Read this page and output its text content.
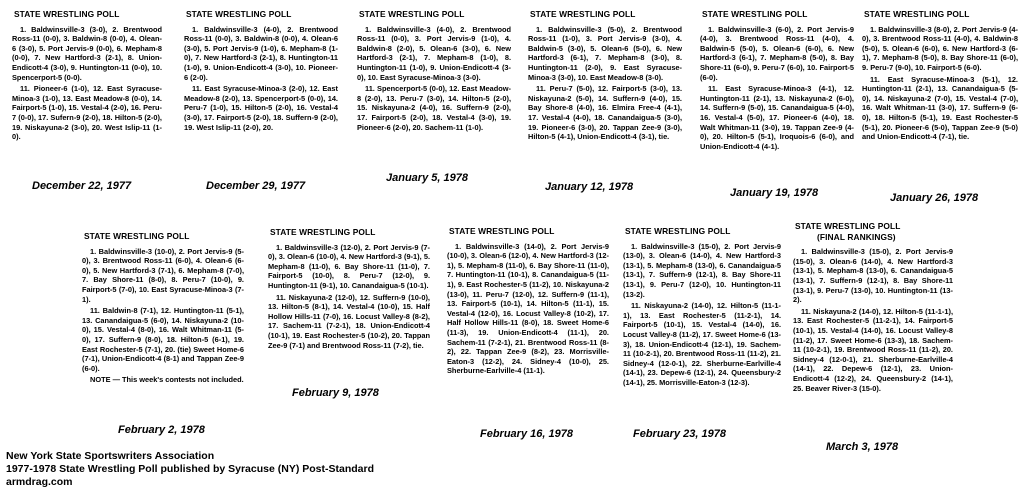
STATE WRESTLING POLL

1. Baldwinsville-3 (3-0), 2. Brentwood Ross-11 (0-0), 3. Baldwin-8 (0-0), 4. Olean-6 (3-0), 5. Port Jervis-9 (0-0), 6. Mepham-8 (0-0), 7. New Hartford-3 (2-1), 8. Union-Endicott-4 (3-0), 9. Huntington-11 (0-0), 10. Spencerport-5 (0-0).

11. Pioneer-6 (1-0), 12. East Syracuse-Minoa-3 (1-0), 13. East Meadow-8 (0-0), 14. Fairport-5 (1-0), 15. Vestal-4 (2-0), 16. Peru-7 (0-0), 17. Sufern-9 (2-0), 18. Hilton-5 (2-0), 19. Niskayuna-2 (3-0), 20. West Islip-11 (1-0).

December 22, 1977
STATE WRESTLING POLL

1. Baldwinsville-3 (4-0), 2. Brentwood Ross-11 (0-0), 3. Baldwin-8 (0-0), 4. Olean-6 (3-0), 5. Port Jervis-9 (1-0), 6. Mepham-8 (1-0), 7. New Hartford-3 (2-1), 8. Huntington-11 (1-0), 9. Union-Endicott-4 (3-0), 10. Pioneer-6 (2-0).

11. East Syracuse-Minoa-3 (2-0), 12. East Meadow-8 (2-0), 13. Spencerport-5 (0-0), 14. Peru-7 (1-0), 15. Hilton-5 (2-0), 16. Vestal-4 (3-0), 17. Fairport-5 (2-0), 18. Suffern-9 (2-0), 19. West Islip-11 (2-0), 20.

December 29, 1977
STATE WRESTLING POLL

1. Baldwinsville-3 (4-0), 2. Brentwood Ross-11 (0-0), 3. Port Jervis-9 (1-0), 4. Baldwin-8 (2-0), 5. Olean-6 (3-0), 6. New Hartford-3 (2-1), 7. Mepham-8 (1-0), 8. Huntington-11 (1-0), 9. Union-Endicott-4 (3-0), 10. East Syracuse-Minoa-3 (3-0).

11. Spencerport-5 (0-0), 12. East Meadow-8 (2-0), 13. Peru-7 (3-0), 14. Hilton-5 (2-0), 15. Niskayuna-2 (4-0), 16. Suffern-9 (2-0), 17. Fairport-5 (2-0), 18. Vestal-4 (3-0), 19. Pioneer-6 (2-0), 20. Sachem-11 (1-0).

January 5, 1978
STATE WRESTLING POLL

1. Baldwinsville-3 (5-0), 2. Brentwood Ross-11 (1-0), 3. Port Jervis-9 (3-0), 4. Baldwin-5 (3-0), 5. Olean-6 (5-0), 6. New Hartford-3 (6-1), 7. Mepham-8 (3-0), 8. Huntington-11 (2-0), 9. East Syracuse-Minoa-3 (3-0), 10. East Meadow-8 (3-0).

11. Peru-7 (5-0), 12. Fairport-5 (3-0), 13. Niskayuna-2 (5-0), 14. Suffern-9 (4-0), 15. Bay Shore-8 (4-0), 16. Elmira Free-4 (4-1), 17. Vestal-4 (4-0), 18. Canandaigua-5 (3-0), 19. Pioneer-6 (3-0), 20. Tappan Zee-9 (3-0), Hilton-5 (4-1), Union-Endicott-4 (3-1), tie.

January 12, 1978
STATE WRESTLING POLL

1. Baldwinsville-3 (6-0), 2. Port Jervis-9 (4-0), 3. Brentwood Ross-11 (4-0), 4. Baldwin-5 (5-0), 5. Olean-6 (6-0), 6. New Hartford-3 (6-1), 7. Mepham-8 (5-0), 8. Bay Shore-11 (6-0), 9. Peru-7 (6-0), 10. Fairport-5 (6-0).

11. East Syracuse-Minoa-3 (4-1), 12. Huntington-11 (2-1), 13. Niskayuna-2 (6-0), 14. Suffern-9 (5-0), 15. Canandaigua-5 (4-0), 16. Vestal-4 (5-0), 17. Pioneer-6 (4-0), 18. Walt Whitman-11 (3-0), 19. Tappan Zee-9 (4-0), 20. Hilton-5 (5-1), Iroquois-6 (6-0), and Union-Endicott-4 (4-1).

January 19, 1978
STATE WRESTLING POLL

1. Baldwinsville-3 (8-0), 2. Port Jervis-9 (4-0), 3. Brentwood Ross-11 (4-0), 4. Baldwin-8 (5-0), 5. Olean-6 (6-0), 6. New Hartford-3 (6-1), 7. Mepham-8 (5-0), 8. Bay Shore-11 (6-0), 9. Peru-7 (9-0), 10. Fairport-5 (6-0).

11. East Syracuse-Minoa-3 (5-1), 12. Huntington-11 (2-1), 13. Canandaigua-5 (5-0), 14. Niskayuna-2 (7-0), 15. Vestal-4 (7-0), 16. Walt Whitman-11 (3-0), 17. Suffern-9 (6-0), 18. Hilton-5 (5-1), 19. East Rochester-5 (5-1), 20. Pioneer-6 (5-0), Tappan Zee-9 (5-0) and Union-Endicott-4 (7-1), tie.

January 26, 1978
STATE WRESTLING POLL

1. Baldwinsville-3 (10-0), 2. Port Jervis-9 (5-0), 3. Brentwood Ross-11 (6-0), 4. Olean-6 (6-0), 5. New Hartford-3 (7-1), 6. Mepham-8 (7-0), 7. Bay Shore-11 (8-0), 8. Peru-7 (10-0), 9. Fairport-5 (7-0), 10. East Syracuse-Minoa-3 (7-1).

11. Baldwin-8 (7-1), 12. Huntington-11 (5-1), 13. Canandaigua-5 (6-0), 14. Niskayuna-2 (10-0), 15. Vestal-4 (8-0), 16. Walt Whitman-11 (5-0), 17. Suffern-9 (8-0), 18. Hilton-5 (6-1), 19. East Rochester-5 (7-1), 20. (tie) Sweet Home-6 (7-1), Union-Endicott-4 (8-1) and Tappan Zee-9 (6-0).

NOTE — This week's contests not included.

February 2, 1978
STATE WRESTLING POLL

1. Baldwinsville-3 (12-0), 2. Port Jervis-9 (7-0), 3. Olean-6 (10-0), 4. New Hartford-3 (9-1), 5. Mepham-8 (11-0), 6. Bay Shore-11 (11-0), 7. Fairport-5 (10-0), 8. Peru-7 (12-0), 9. Huntington-11 (9-1), 10. Canandaigua-5 (10-1).

11. Niskayuna-2 (12-0), 12. Suffern-9 (10-0), 13. Hilton-5 (8-1), 14. Vestal-4 (10-0), 15. Half Hollow Hills-11 (7-0), 16. Locust Valley-8 (8-2), 17. Sachem-11 (7-2-1), 18. Union-Endicott-4 (10-1), 19. East Rochester-5 (10-2), 20. Tappan Zee-9 (7-1) and Brentwood Ross-11 (7-2), tie.

February 9, 1978
STATE WRESTLING POLL

1. Baldwinsville-3 (14-0), 2. Port Jervis-9 (10-0), 3. Olean-6 (12-0), 4. New Hartford-3 (12-1), 5. Mepham-8 (11-0), 6. Bay Shore-11 (11-0), 7. Huntington-11 (10-1), 8. Canandaigua-5 (11-1), 9. East Rochester-5 (11-2), 10. Niskayuna-2 (13-0), 11. Peru-7 (12-0), 12. Suffern-9 (11-1), 13. Fairport-5 (10-1), 14. Hilton-5 (11-1), 15. Vestal-4 (12-0), 16. Locust Valley-8 (10-2), 17. Half Hollow Hills-11 (8-0), 18. Sweet Home-6 (11-3), 19. Union-Endicott-4 (11-1), 20. Sachem-11 (7-2-1), 21. Brentwood Ross-11 (8-2), 22. Tappan Zee-9 (8-2), 23. Morrisville-Eaton-3 (12-2), 24. Sidney-4 (10-0), 25. Sherburne-Earlville-4 (11-1).

February 16, 1978
STATE WRESTLING POLL

1. Baldwinsville-3 (15-0), 2. Port Jervis-9 (13-0), 3. Olean-6 (14-0), 4. New Hartford-3 (13-1), 5. Mepham-8 (13-0), 6. Canandaigua-5 (13-1), 7. Suffern-9 (12-1), 8. Bay Shore-11 (13-1), 9. Peru-7 (12-0), 10. Huntington-11 (13-2).

11. Niskayuna-2 (14-0), 12. Hilton-5 (11-1-1), 13. East Rochester-5 (11-2-1), 14. Fairport-5 (10-1), 15. Vestal-4 (14-0), 16. Locust Valley-8 (11-2), 17. Sweet Home-6 (13-3), 18. Union-Endicott-4 (12-1), 19. Sachem-11 (10-2-1), 20. Brentwood Ross-11 (11-2), 21. Sidney-4 (12-0-1), 22. Sherburne-Earlville-4 (14-1), 23. Depew-6 (12-1), 24. Queensbury-2 (14-1), 25. Morrisville-Eaton-3 (12-3).

February 23, 1978
STATE WRESTLING POLL
(FINAL RANKINGS)

1. Baldwinsville-3 (15-0), 2. Port Jervis-9 (15-0), 3. Olean-6 (14-0), 4. New Hartford-3 (13-1), 5. Mepham-8 (13-0), 6. Canandaigua-5 (13-1), 7. Suffern-9 (12-1), 8. Bay Shore-11 (13-1), 9. Peru-7 (13-0), 10. Huntington-11 (13-2).

11. Niskayuna-2 (14-0), 12. Hilton-5 (11-1-1), 13. East Rochester-5 (11-2-1), 14. Fairport-5 (10-1), 15. Vestal-4 (14-0), 16. Locust Valley-8 (11-2), 17. Sweet Home-6 (13-3), 18. Sachem-11 (10-2-1), 19. Brentwood Ross-11 (11-2), 20. Sidney-4 (12-0-1), 21. Sherburne-Earlville-4 (14-1), 22. Depew-6 (12-1), 23. Union-Endicott-4 (12-2), 24. Queensbury-2 (14-1), 25. Beaver River-3 (15-0).

March 3, 1978
New York State Sportswriters Association
1977-1978 State Wrestling Poll published by Syracuse (NY) Post-Standard
armdrag.com
